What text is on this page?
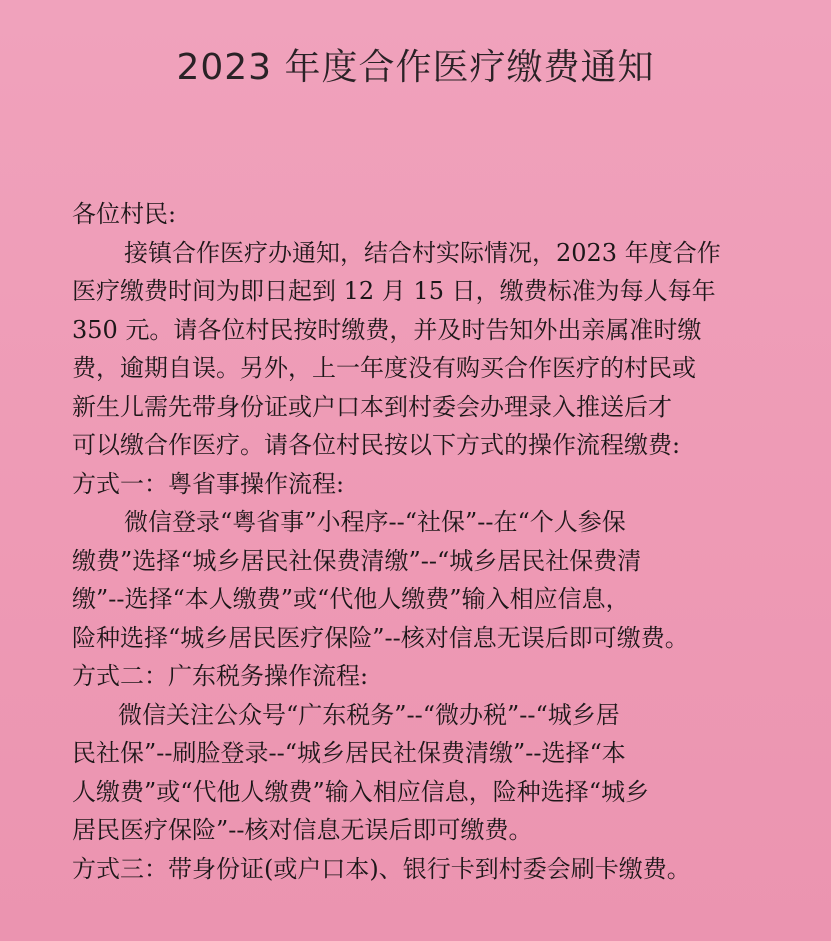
2023 年度合作医疗缴费通知
各位村民:
接镇合作医疗办通知，结合村实际情况，2023 年度合作
医疗缴费时间为即日起到 12 月 15 日，缴费标准为每人每年
350 元。请各位村民按时缴费，并及时告知外出亲属准时缴
费，逾期自误。另外，上一年度没有购买合作医疗的村民或
新生儿需先带身份证或户口本到村委会办理录入推送后才
可以缴合作医疗。请各位村民按以下方式的操作流程缴费:
方式一：粤省事操作流程:
微信登录“粤省事”小程序--“社保”--在“个人参保
缴费”选择“城乡居民社保费清缴”--“城乡居民社保费清
缴”--选择“本人缴费”或“代他人缴费”输入相应信息，
险种选择“城乡居民医疗保险”--核对信息无误后即可缴费。
方式二：广东税务操作流程:
微信关注公众号“广东税务”--“微办税”--“城乡居
民社保”--刷脸登录--“城乡居民社保费清缴”--选择“本
人缴费”或“代他人缴费”输入相应信息，险种选择“城乡
居民医疗保险”--核对信息无误后即可缴费。
方式三：带身份证(或户口本)、银行卡到村委会刷卡缴费。
